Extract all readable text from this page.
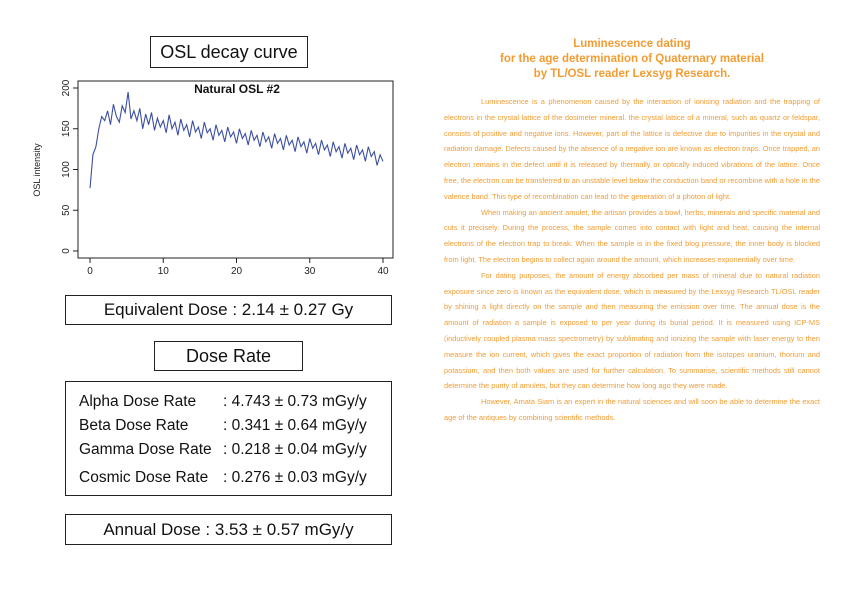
OSL decay curve
0	10	20	30	40
0
50
100
150
200	Natural OSL #2
OSL intensity
Equivalent Dose : 2.14 ± 0.27 Gy
Dose Rate
Alpha Dose Rate	: 4.743 ± 0.73 mGy/y
Beta Dose Rate	: 0.341 ± 0.64 mGy/y
Gamma Dose Rate : 0.218 ± 0.04 mGy/y
Cosmic Dose Rate : 0.276 ± 0.03 mGy/y
Annual Dose : 3.53 ± 0.57 mGy/y
Luminescence dating
for the age determination of Quaternary material
by TL/OSL reader Lexsyg Research.

Luminescence is a phenomenon caused by the interaction of ionising radiation and the trapping of electrons in the crystal lattice of the dosimeter mineral. the crystal lattice of a mineral, such as quartz or feldspar, consists of positive and negative ions. However, part of the lattice is defective due to impurities in the crystal and radiation damage. Defects caused by the absence of a negative ion are known as electron traps. Once trapped, an electron remains in the defect until it is released by thermally or optically induced vibrations of the lattice. Once free, the electron can be transferred to an unstable level below the conduction band or recombine with a hole in the valence band. This type of recombination can lead to the generation of a photon of light.

When making an ancient amulet, the artisan provides a bowl, herbs, minerals and specific material and cuts it precisely. During the process, the sample comes into contact with light and heat, causing the internal electrons of the electron trap to break. When the sample is in the fixed blog pressure, the inner body is blocked from light. The electron begins to collect again around the amount, which increases exponentially over time.

For dating purposes, the amount of energy absorbed per mass of mineral due to natural radiation exposure since zero is known as the equivalent dose, which is measured by the Lexsyg Research TL/OSL reader by shining a light directly on the sample and then measuring the emission over time. The annual dose is the amount of radiation a sample is exposed to per year during its burial period. It is measured using ICP-MS (inductively coupled plasma mass spectrometry) by sublimating and ionizing the sample with laser energy to then measure the ion current, which gives the exact proportion of radiation from the isotopes uranium, thorium and potassium, and then both values are used for further calculation. To summarise, scientific methods still cannot determine the purity of amulets, but they can determine how long ago they were made.

However, Amata Siam is an expert in the natural sciences and will soon be able to determine the exact age of the antiques by combining scientific methods.
